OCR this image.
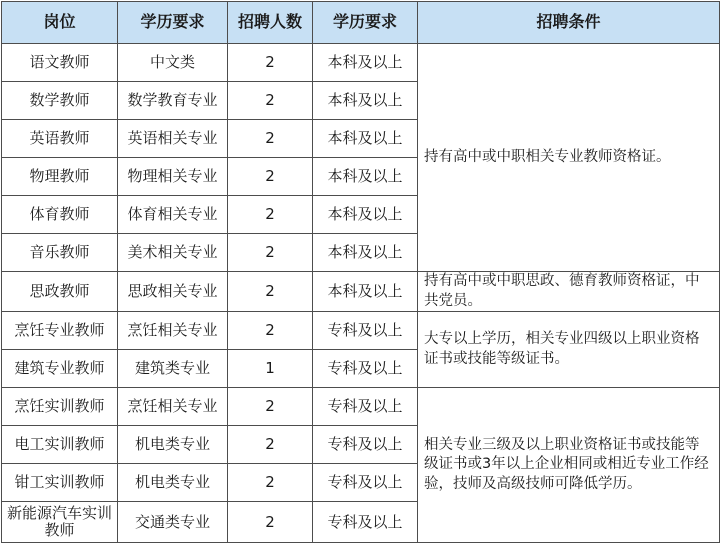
岗位	学历要求	招聘人数	学历要求	招聘条件
语文教师	中文类	2	本科及以上	持有高中或中职相关专业教师资格证。
数学教师	数学教育专业	2	本科及以上	
英语教师	英语相关专业	2	本科及以上	
物理教师	物理相关专业	2	本科及以上	
体育教师	体育相关专业	2	本科及以上	
音乐教师	美术相关专业	2	本科及以上	
思政教师	思政相关专业	2	本科及以上	持有高中或中职思政、德育教师资格证，中共党员。
烹饪专业教师	烹饪相关专业	2	专科及以上	大专以上学历，相关专业四级以上职业资格证书或技能等级证书。
建筑专业教师	建筑类专业	1	专科及以上	
烹饪实训教师	烹饪相关专业	2	专科及以上	相关专业三级及以上职业资格证书或技能等级证书或3年以上企业相同或相近专业工作经验，技师及高级技师可降低学历。
电工实训教师	机电类专业	2	专科及以上	
钳工实训教师	机电类专业	2	专科及以上	
新能源汽车实训教师	交通类专业	2	专科及以上	
